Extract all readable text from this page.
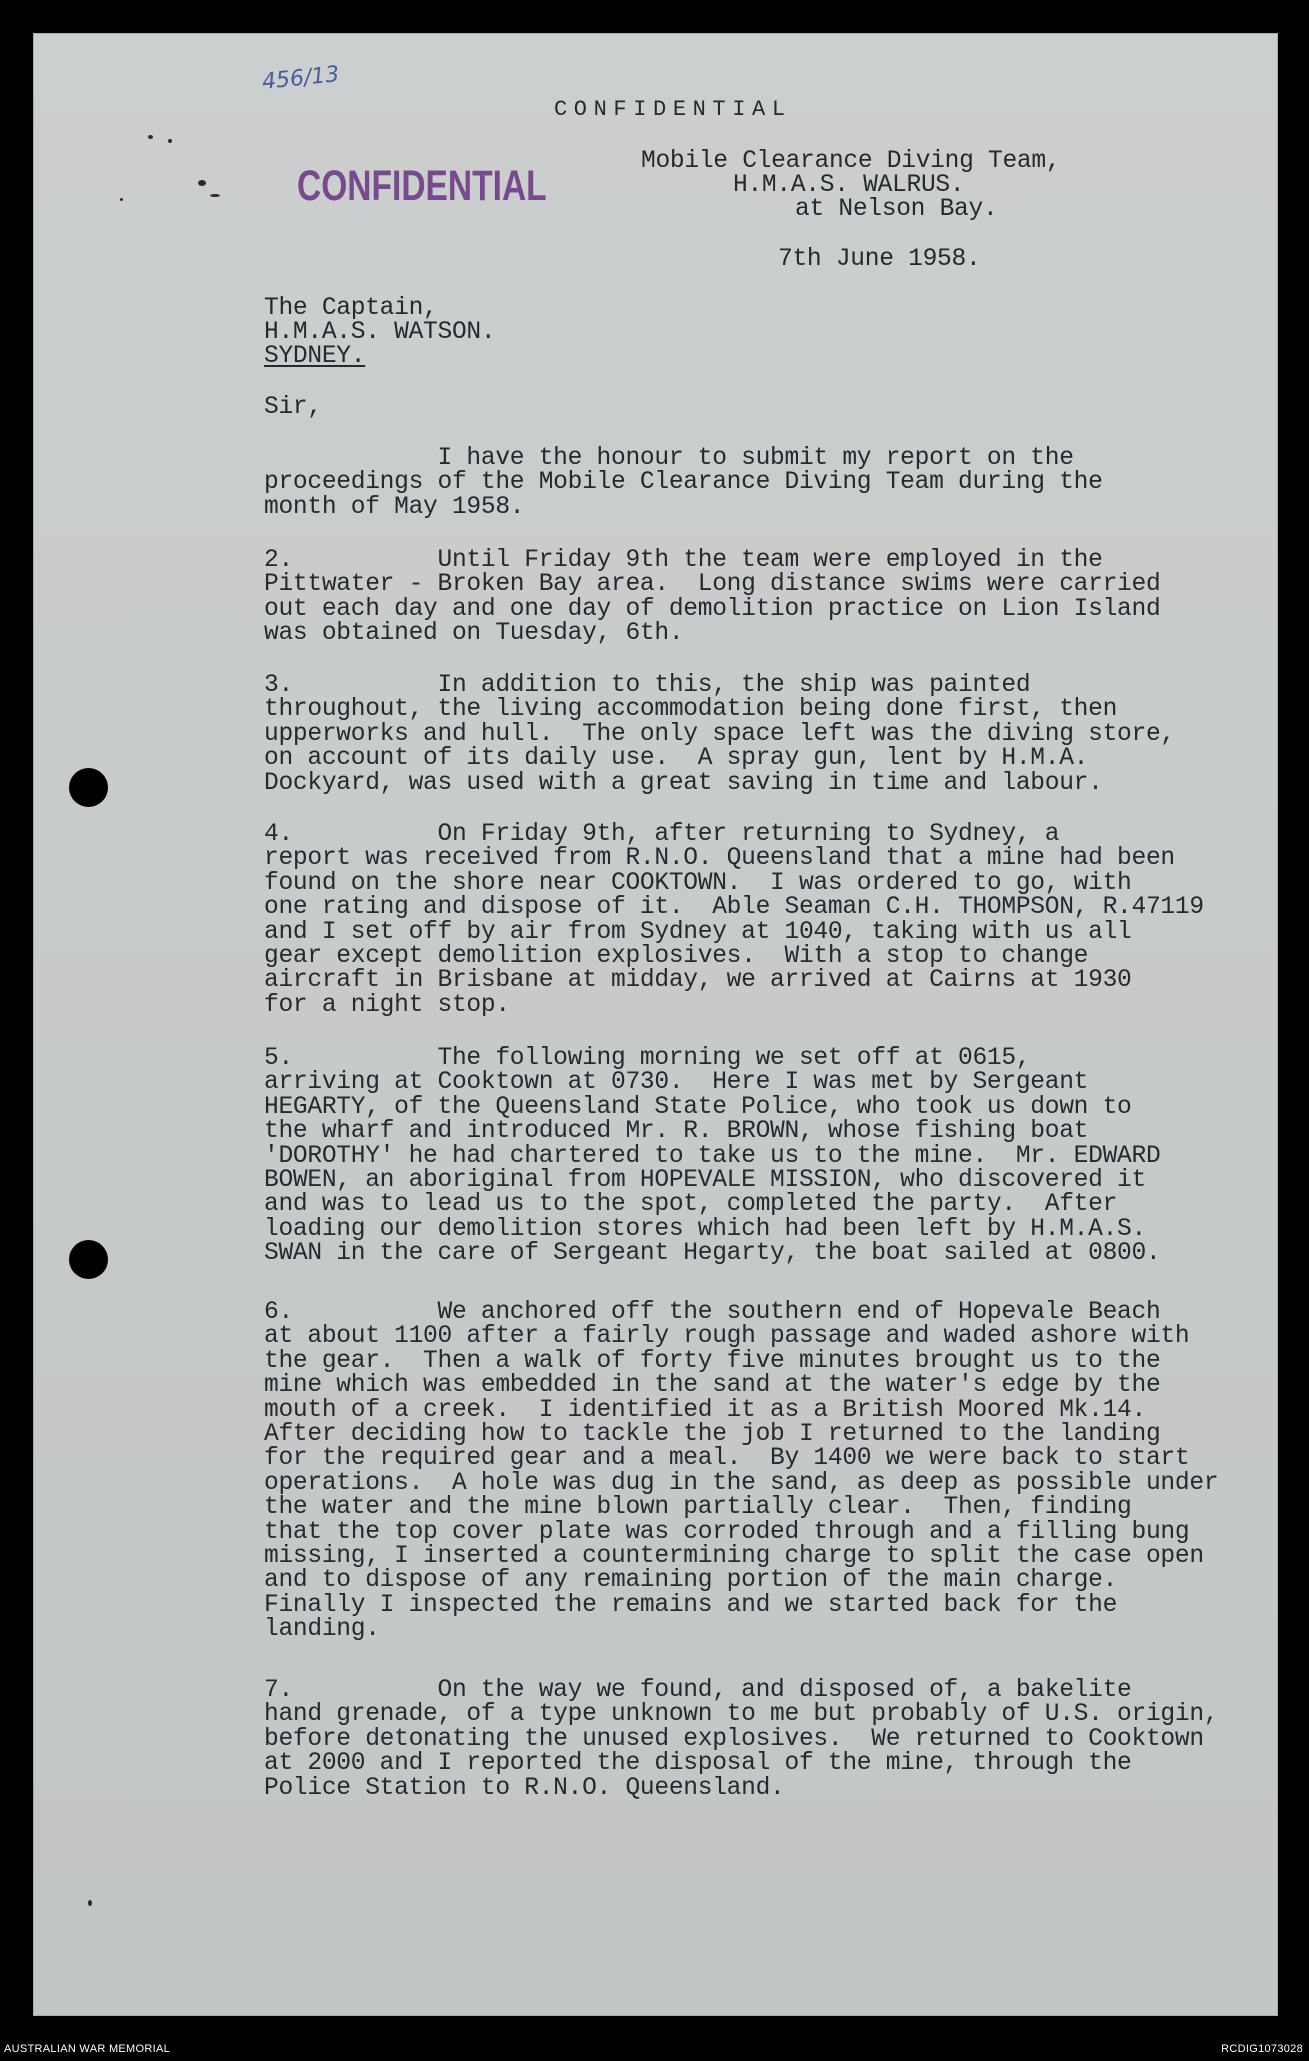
456/13
CONFIDENTIAL
CONFIDENTIAL
Mobile Clearance Diving Team,
H.M.A.S. WALRUS.
at Nelson Bay.
7th June 1958.
The Captain,
H.M.A.S. WATSON.
SYDNEY.
Sir,
I have the honour to submit my report on the
proceedings of the Mobile Clearance Diving Team during the
month of May 1958.
2.          Until Friday 9th the team were employed in the
Pittwater - Broken Bay area.  Long distance swims were carried
out each day and one day of demolition practice on Lion Island
was obtained on Tuesday, 6th.
3.          In addition to this, the ship was painted
throughout, the living accommodation being done first, then
upperworks and hull.  The only space left was the diving store,
on account of its daily use.  A spray gun, lent by H.M.A.
Dockyard, was used with a great saving in time and labour.
4.          On Friday 9th, after returning to Sydney, a
report was received from R.N.O. Queensland that a mine had been
found on the shore near COOKTOWN.  I was ordered to go, with
one rating and dispose of it.  Able Seaman C.H. THOMPSON, R.47119
and I set off by air from Sydney at 1040, taking with us all
gear except demolition explosives.  With a stop to change
aircraft in Brisbane at midday, we arrived at Cairns at 1930
for a night stop.
5.          The following morning we set off at 0615,
arriving at Cooktown at 0730.  Here I was met by Sergeant
HEGARTY, of the Queensland State Police, who took us down to
the wharf and introduced Mr. R. BROWN, whose fishing boat
'DOROTHY' he had chartered to take us to the mine.  Mr. EDWARD
BOWEN, an aboriginal from HOPEVALE MISSION, who discovered it
and was to lead us to the spot, completed the party.  After
loading our demolition stores which had been left by H.M.A.S.
SWAN in the care of Sergeant Hegarty, the boat sailed at 0800.
6.          We anchored off the southern end of Hopevale Beach
at about 1100 after a fairly rough passage and waded ashore with
the gear.  Then a walk of forty five minutes brought us to the
mine which was embedded in the sand at the water's edge by the
mouth of a creek.  I identified it as a British Moored Mk.14.
After deciding how to tackle the job I returned to the landing
for the required gear and a meal.  By 1400 we were back to start
operations.  A hole was dug in the sand, as deep as possible under
the water and the mine blown partially clear.  Then, finding
that the top cover plate was corroded through and a filling bung
missing, I inserted a countermining charge to split the case open
and to dispose of any remaining portion of the main charge.
Finally I inspected the remains and we started back for the
landing.
7.          On the way we found, and disposed of, a bakelite
hand grenade, of a type unknown to me but probably of U.S. origin,
before detonating the unused explosives.  We returned to Cooktown
at 2000 and I reported the disposal of the mine, through the
Police Station to R.N.O. Queensland.
AUSTRALIAN WAR MEMORIAL	RCDIG1073028
